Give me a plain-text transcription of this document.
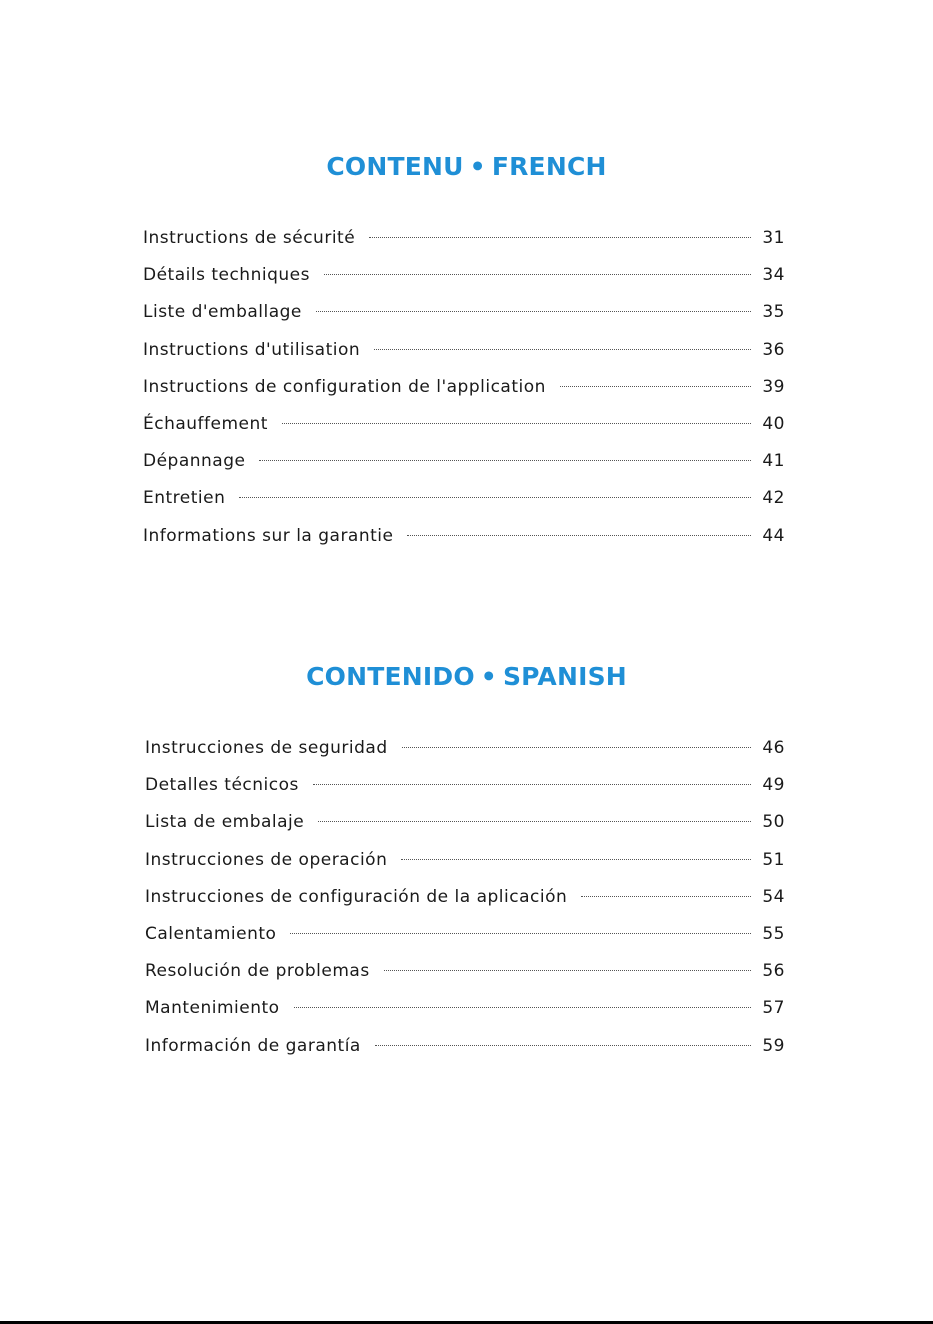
CONTENU • FRENCH
Instructions de sécurité	31
Détails techniques	34
Liste d'emballage	35
Instructions d'utilisation	36
Instructions de configuration de l'application	39
Échauffement	40
Dépannage	41
Entretien	42
Informations sur la garantie	44
CONTENIDO • SPANISH
Instrucciones de seguridad	46
Detalles técnicos	49
Lista de embalaje	50
Instrucciones de operación	51
Instrucciones de configuración de la aplicación	54
Calentamiento	55
Resolución de problemas	56
Mantenimiento	57
Información de garantía	59
